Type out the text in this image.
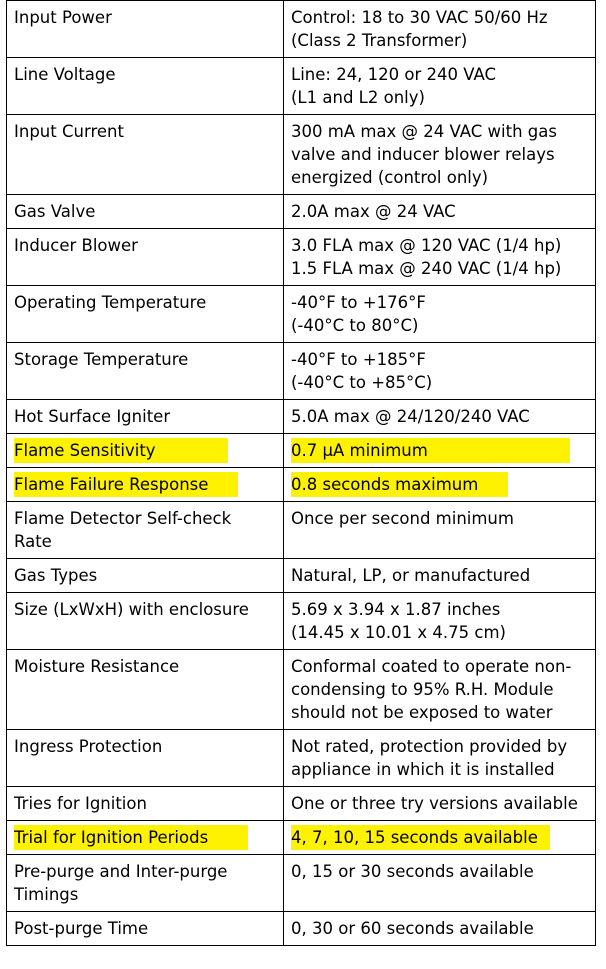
Input Power	Control: 18 to 30 VAC 50/60 Hz
(Class 2 Transformer)
Line Voltage	Line: 24, 120 or 240 VAC
(L1 and L2 only)
Input Current	300 mA max @ 24 VAC with gas
valve and inducer blower relays
energized (control only)
Gas Valve	2.0A max @ 24 VAC
Inducer Blower	3.0 FLA max @ 120 VAC (1/4 hp)
1.5 FLA max @ 240 VAC (1/4 hp)
Operating Temperature	-40°F to +176°F
(-40°C to 80°C)
Storage Temperature	-40°F to +185°F
(-40°C to +85°C)
Hot Surface Igniter	5.0A max @ 24/120/240 VAC
Flame Sensitivity	0.7 µA minimum
Flame Failure Response	0.8 seconds maximum
Flame Detector Self-check
Rate	Once per second minimum
Gas Types	Natural, LP, or manufactured
Size (LxWxH) with enclosure	5.69 x 3.94 x 1.87 inches
(14.45 x 10.01 x 4.75 cm)
Moisture Resistance	Conformal coated to operate non-
condensing to 95% R.H. Module
should not be exposed to water
Ingress Protection	Not rated, protection provided by
appliance in which it is installed
Tries for Ignition	One or three try versions available
Trial for Ignition Periods	4, 7, 10, 15 seconds available
Pre-purge and Inter-purge
Timings	0, 15 or 30 seconds available
Post-purge Time	0, 30 or 60 seconds available
